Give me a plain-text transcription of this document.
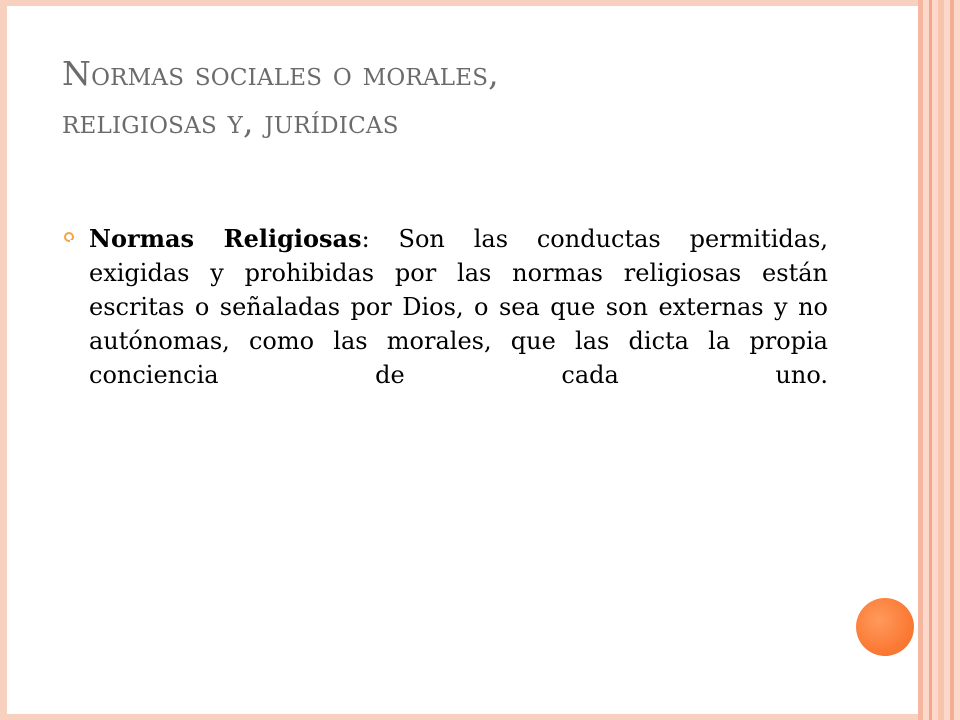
Normas sociales o morales,
religiosas y, jurídicas
Normas Religiosas: Son las conductas permitidas, exigidas y prohibidas por las normas religiosas están escritas o señaladas por Dios, o sea que son externas y no autónomas, como las morales, que las dicta la propia conciencia de cada uno.
